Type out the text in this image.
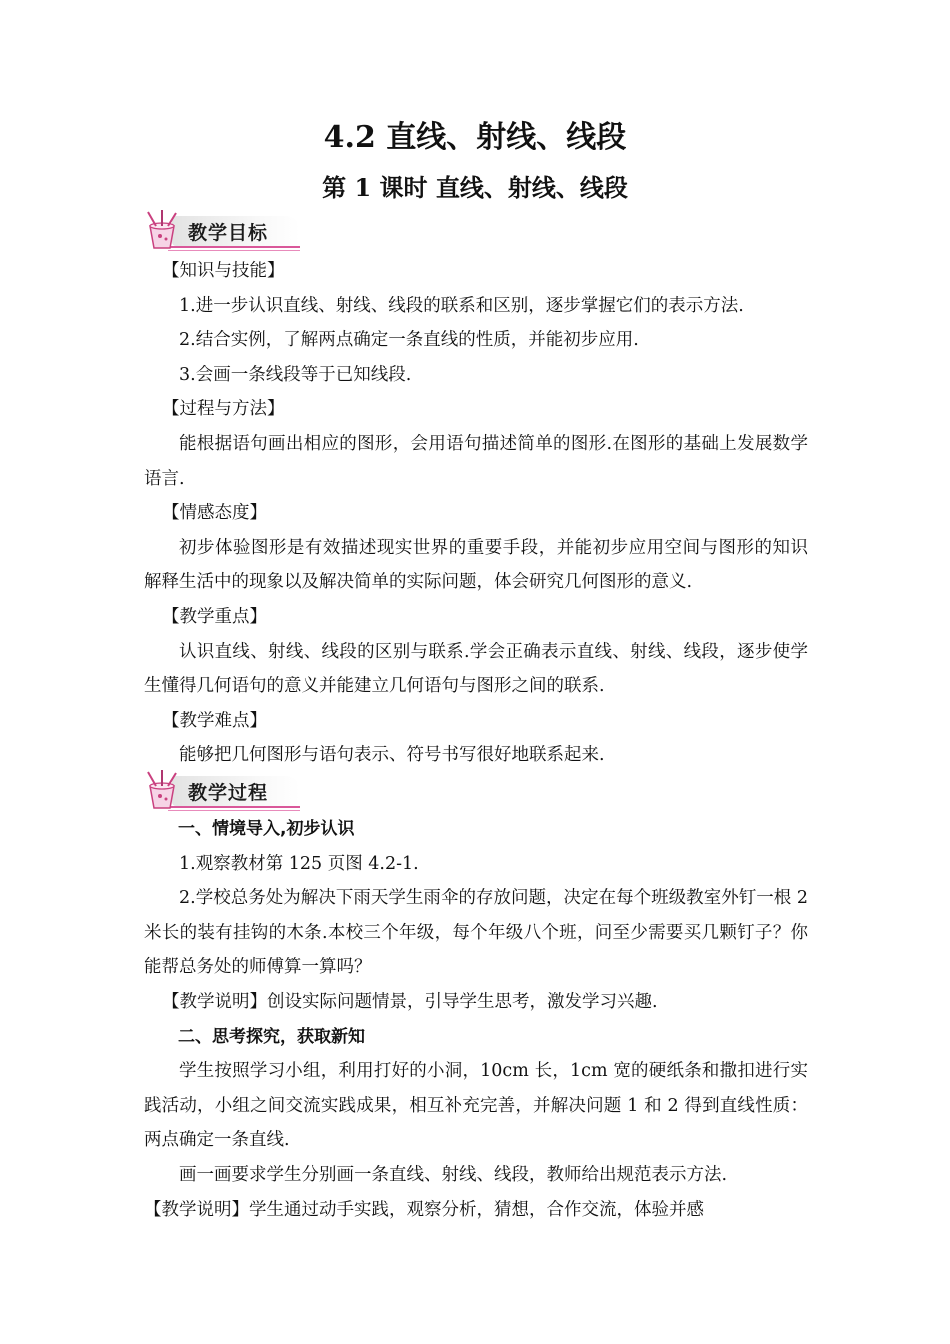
4.2 直线、射线、线段
第 1 课时 直线、射线、线段
教学目标
教学过程

【知识与技能】

1.进一步认识直线、射线、线段的联系和区别，逐步掌握它们的表示方法.

2.结合实例，了解两点确定一条直线的性质，并能初步应用.

3.会画一条线段等于已知线段.

【过程与方法】

能根据语句画出相应的图形，会用语句描述简单的图形.在图形的基础上发展数学语言.

【情感态度】

初步体验图形是有效描述现实世界的重要手段，并能初步应用空间与图形的知识解释生活中的现象以及解决简单的实际问题，体会研究几何图形的意义.

【教学重点】

认识直线、射线、线段的区别与联系.学会正确表示直线、射线、线段，逐步使学生懂得几何语句的意义并能建立几何语句与图形之间的联系.

【教学难点】

能够把几何图形与语句表示、符号书写很好地联系起来.

一、情境导入,初步认识

1.观察教材第 125 页图 4.2-1.

2.学校总务处为解决下雨天学生雨伞的存放问题，决定在每个班级教室外钉一根 2 米长的装有挂钩的木条.本校三个年级，每个年级八个班，问至少需要买几颗钉子？你能帮总务处的师傅算一算吗？

【教学说明】创设实际问题情景，引导学生思考，激发学习兴趣.

二、思考探究，获取新知

学生按照学习小组，利用打好的小洞，10cm 长，1cm 宽的硬纸条和撒扣进行实践活动，小组之间交流实践成果，相互补充完善，并解决问题 1 和 2 得到直线性质：两点确定一条直线.

画一画要求学生分别画一条直线、射线、线段，教师给出规范表示方法.

【教学说明】学生通过动手实践，观察分析，猜想，合作交流，体验并感
